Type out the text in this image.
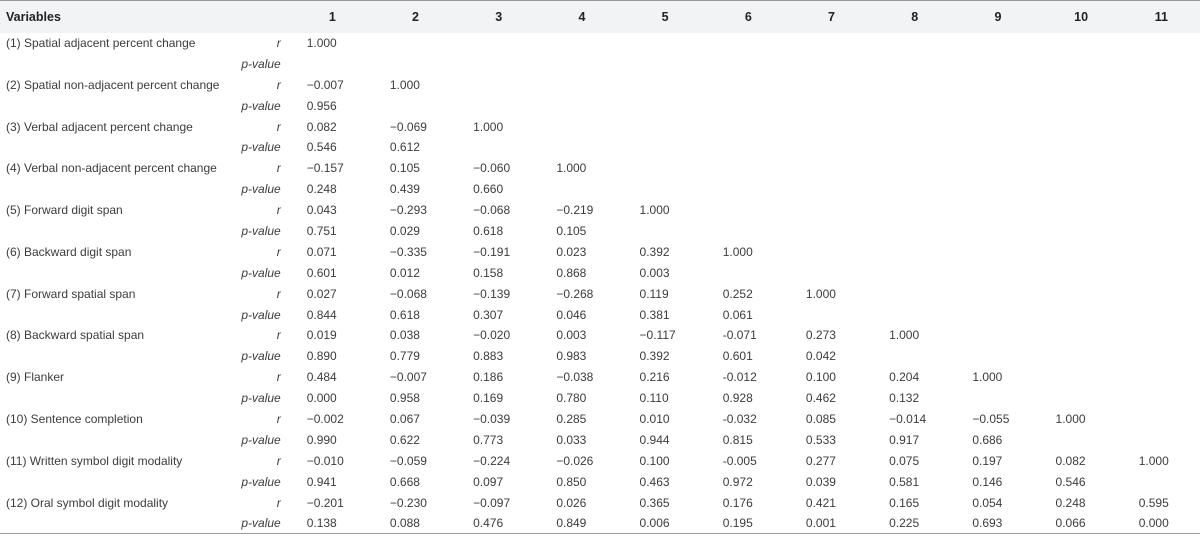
Variables		1	2	3	4	5	6	7	8	9	10	11
(1) Spatial adjacent percent change	r	1.000										
	p-value											
(2) Spatial non-adjacent percent change	r	−0.007	1.000									
	p-value	0.956										
(3) Verbal adjacent percent change	r	0.082	−0.069	1.000								
	p-value	0.546	0.612									
(4) Verbal non-adjacent percent change	r	−0.157	0.105	−0.060	1.000							
	p-value	0.248	0.439	0.660								
(5) Forward digit span	r	0.043	−0.293	−0.068	−0.219	1.000						
	p-value	0.751	0.029	0.618	0.105							
(6) Backward digit span	r	0.071	−0.335	−0.191	0.023	0.392	1.000					
	p-value	0.601	0.012	0.158	0.868	0.003						
(7) Forward spatial span	r	0.027	−0.068	−0.139	−0.268	0.119	0.252	1.000				
	p-value	0.844	0.618	0.307	0.046	0.381	0.061					
(8) Backward spatial span	r	0.019	0.038	−0.020	0.003	−0.117	-0.071	0.273	1.000			
	p-value	0.890	0.779	0.883	0.983	0.392	0.601	0.042				
(9) Flanker	r	0.484	−0.007	0.186	−0.038	0.216	-0.012	0.100	0.204	1.000		
	p-value	0.000	0.958	0.169	0.780	0.110	0.928	0.462	0.132			
(10) Sentence completion	r	−0.002	0.067	−0.039	0.285	0.010	-0.032	0.085	−0.014	−0.055	1.000	
	p-value	0.990	0.622	0.773	0.033	0.944	0.815	0.533	0.917	0.686		
(11) Written symbol digit modality	r	−0.010	−0.059	−0.224	−0.026	0.100	-0.005	0.277	0.075	0.197	0.082	1.000
	p-value	0.941	0.668	0.097	0.850	0.463	0.972	0.039	0.581	0.146	0.546	
(12) Oral symbol digit modality	r	−0.201	−0.230	−0.097	0.026	0.365	0.176	0.421	0.165	0.054	0.248	0.595
	p-value	0.138	0.088	0.476	0.849	0.006	0.195	0.001	0.225	0.693	0.066	0.000
